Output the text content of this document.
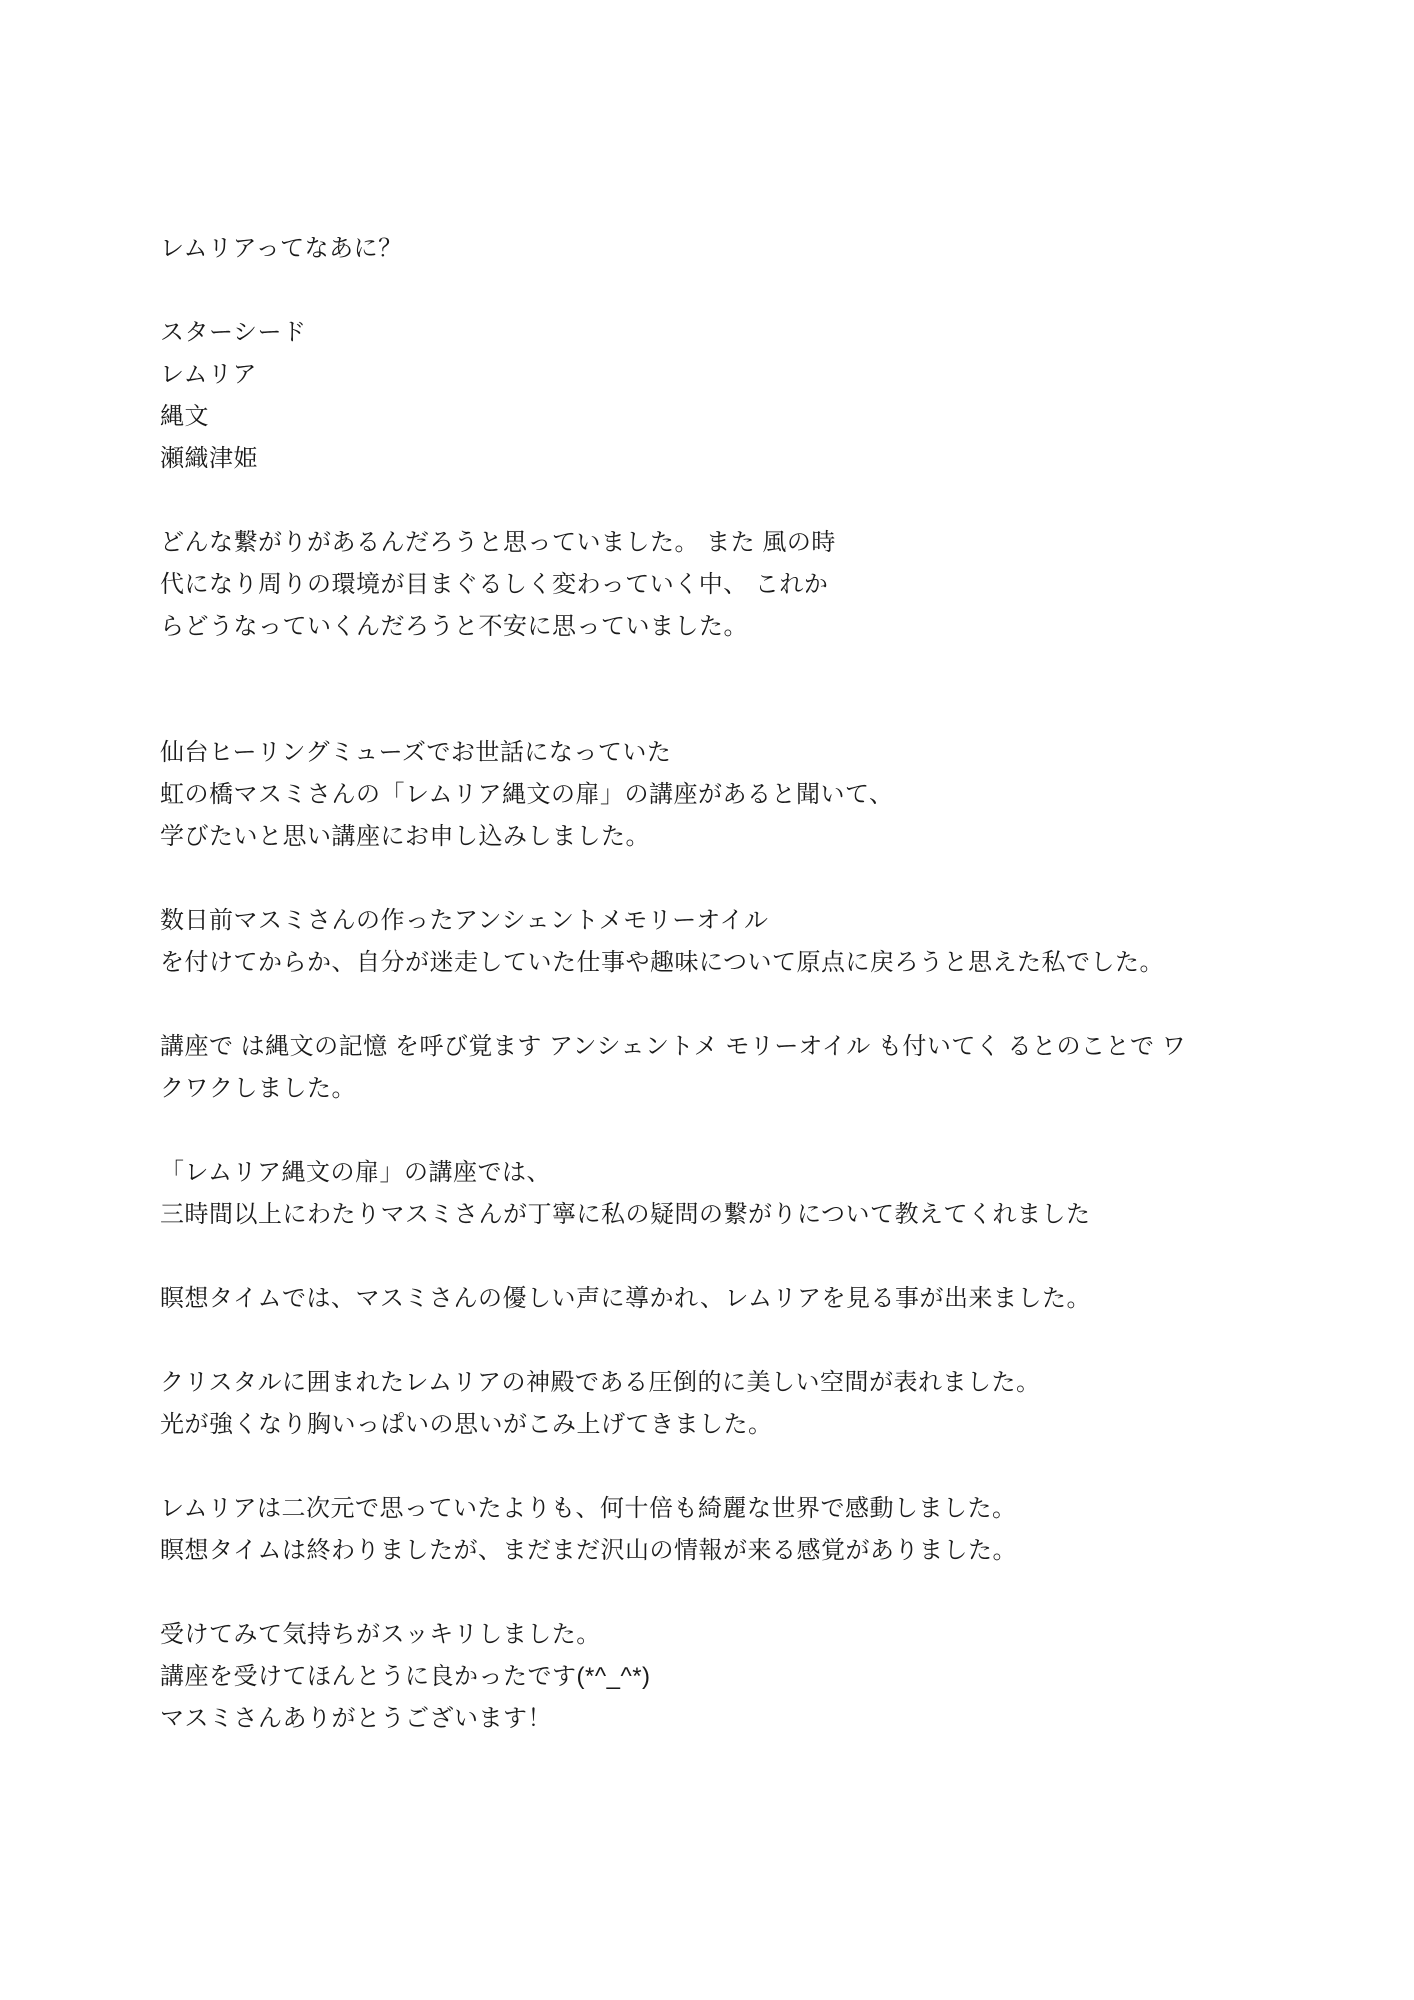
レムリアってなあに？
スターシード
レムリア
縄文
瀬織津姫
どんな繋がりがあるんだろうと思っていました。 また 風の時
代になり周りの環境が目まぐるしく変わっていく中、 これか
らどうなっていくんだろうと不安に思っていました。
仙台ヒーリングミューズでお世話になっていた
虹の橋マスミさんの「レムリア縄文の扉」の講座があると聞いて、
学びたいと思い講座にお申し込みしました。
数日前マスミさんの作ったアンシェントメモリーオイル
を付けてからか、自分が迷走していた仕事や趣味について原点に戻ろうと思えた私でした。
講座で は縄文の記憶 を呼び覚ます アンシェントメ モリーオイル も付いてく るとのことで ワ
クワクしました。
「レムリア縄文の扉」の講座では、
三時間以上にわたりマスミさんが丁寧に私の疑問の繋がりについて教えてくれました
瞑想タイムでは、マスミさんの優しい声に導かれ、レムリアを見る事が出来ました。
クリスタルに囲まれたレムリアの神殿である圧倒的に美しい空間が表れました。
光が強くなり胸いっぱいの思いがこみ上げてきました。
レムリアは二次元で思っていたよりも、何十倍も綺麗な世界で感動しました。
瞑想タイムは終わりましたが、まだまだ沢山の情報が来る感覚がありました。
受けてみて気持ちがスッキリしました。
講座を受けてほんとうに良かったです(*^_^*)
マスミさんありがとうございます！
